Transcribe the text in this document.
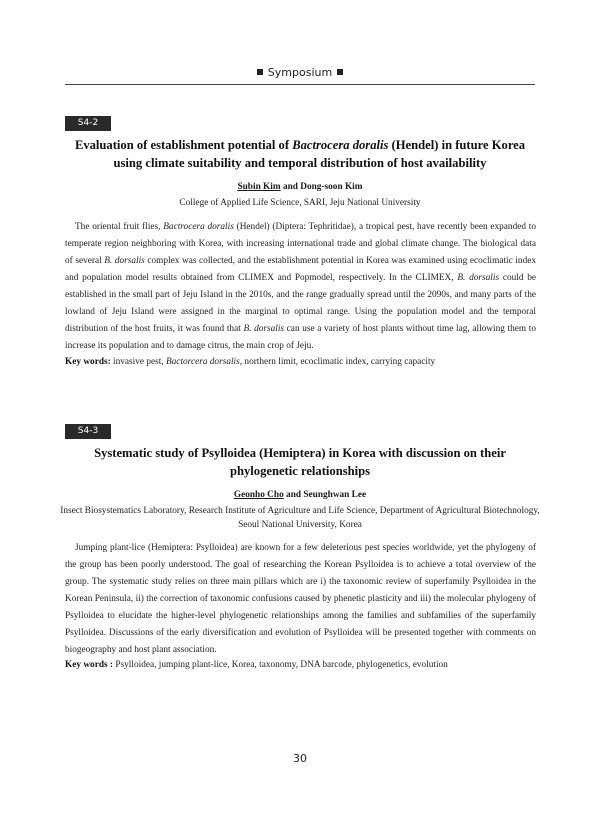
Symposium
S4-2
Evaluation of establishment potential of Bactrocera doralis (Hendel) in future Korea using climate suitability and temporal distribution of host availability
Subin Kim and Dong-soon Kim
College of Applied Life Science, SARI, Jeju National University

The oriental fruit flies, Bactrocera doralis (Hendel) (Diptera: Tephritidae), a tropical pest, have recently been expanded to temperate region neighboring with Korea, with increasing international trade and global climate change. The biological data of several B. dorsalis complex was collected, and the establishment potential in Korea was examined using ecoclimatic index and population model results obtained from CLIMEX and Popmodel, respectively. In the CLIMEX, B. dorsalis could be established in the small part of Jeju Island in the 2010s, and the range gradually spread until the 2090s, and many parts of the lowland of Jeju Island were assigned in the marginal to optimal range. Using the population model and the temporal distribution of the host fruits, it was found that B. dorsalis can use a variety of host plants without time lag, allowing them to increase its population and to damage citrus, the main crop of Jeju.

Key words: invasive pest, Bactorcera dorsalis, northern limit, ecoclimatic index, carrying capacity
S4-3
Systematic study of Psylloidea (Hemiptera) in Korea with discussion on their phylogenetic relationships
Geonho Cho and Seunghwan Lee
Insect Biosystematics Laboratory, Research Institute of Agriculture and Life Science, Department of Agricultural Biotechnology, Seoul National University, Korea

Jumping plant-lice (Hemiptera: Psylloidea) are known for a few deleterious pest species worldwide, yet the phylogeny of the group has been poorly understood. The goal of researching the Korean Psylloidea is to achieve a total overview of the group. The systematic study relies on three main pillars which are i) the taxonomic review of superfamily Psylloidea in the Korean Peninsula, ii) the correction of taxonomic confusions caused by phenetic plasticity and iii) the molecular phylogeny of Psylloidea to elucidate the higher-level phylogenetic relationships among the families and subfamilies of the superfamily Psylloidea. Discussions of the early diversification and evolution of Psylloidea will be presented together with comments on biogeography and host plant association.

Key words : Psylloidea, jumping plant-lice, Korea, taxonomy, DNA barcode, phylogenetics, evolution
30
